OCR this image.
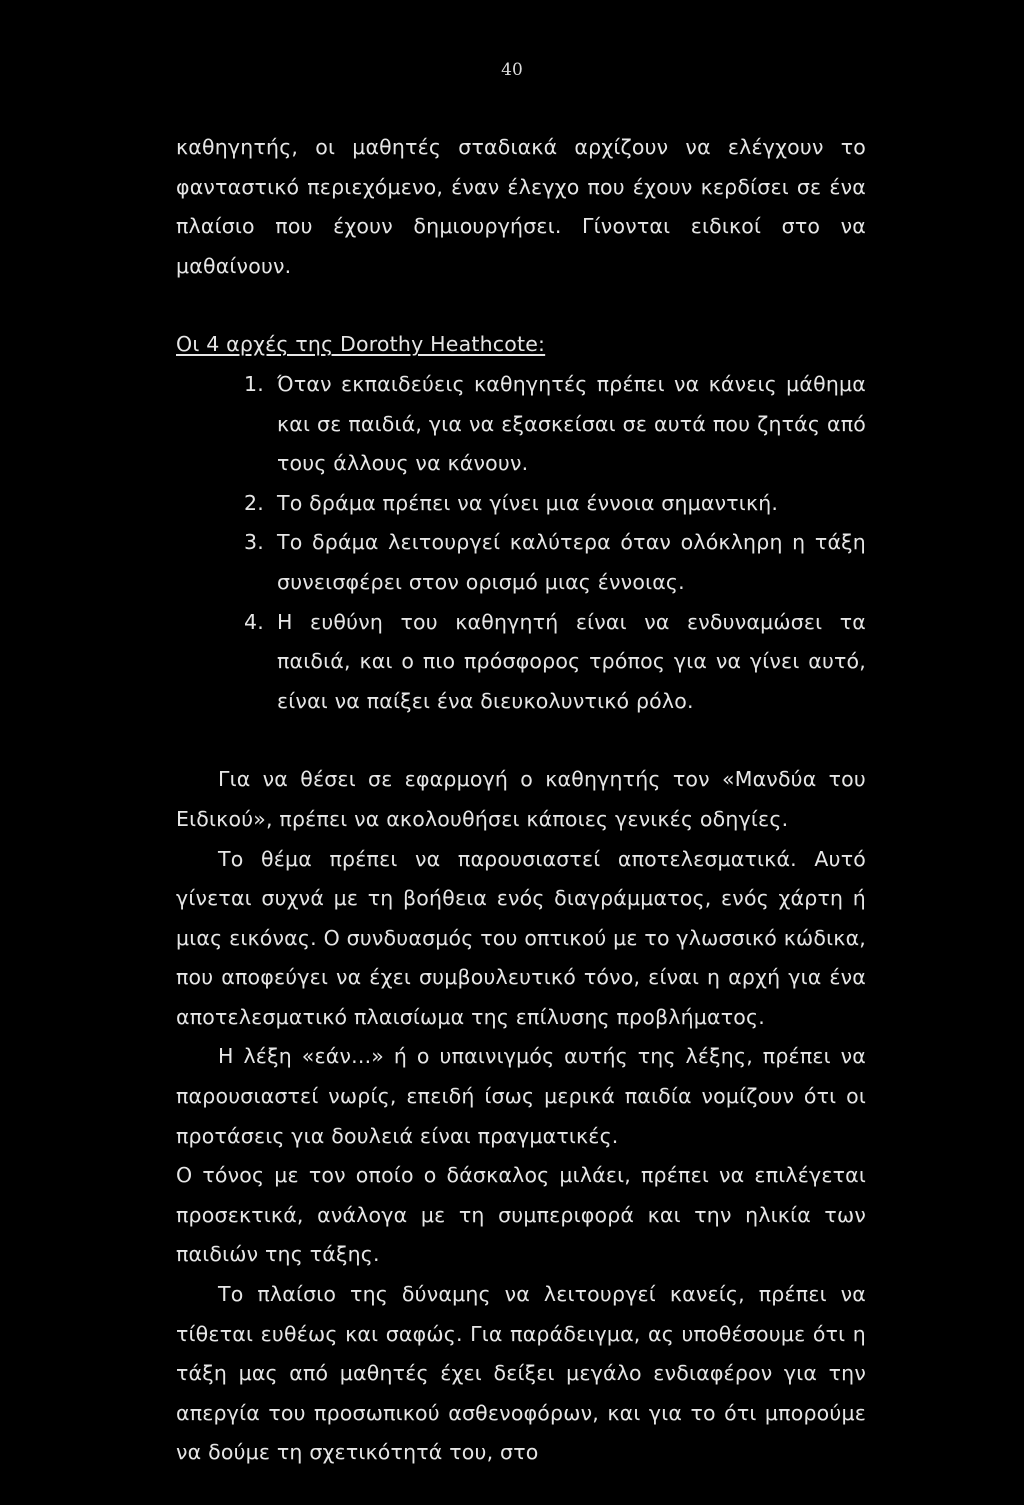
40

καθηγητής, οι μαθητές σταδιακά αρχίζουν να ελέγχουν το φανταστικό περιεχόμενο, έναν έλεγχο που έχουν κερδίσει σε ένα πλαίσιο που έχουν δημιουργήσει. Γίνονται ειδικοί στο να μαθαίνουν.

Οι 4 αρχές της Dorothy Heathcote:

1. Όταν εκπαιδεύεις καθηγητές πρέπει να κάνεις μάθημα και σε παιδιά, για να εξασκείσαι σε αυτά που ζητάς από τους άλλους να κάνουν.
2. Το δράμα πρέπει να γίνει μια έννοια σημαντική.
3. Το δράμα λειτουργεί καλύτερα όταν ολόκληρη η τάξη συνεισφέρει στον ορισμό μιας έννοιας.
4. Η ευθύνη του καθηγητή είναι να ενδυναμώσει τα παιδιά, και ο πιο πρόσφορος τρόπος για να γίνει αυτό, είναι να παίξει ένα διευκολυντικό ρόλο.

Για να θέσει σε εφαρμογή ο καθηγητής τον «Μανδύα του Ειδικού», πρέπει να ακολουθήσει κάποιες γενικές οδηγίες.

Το θέμα πρέπει να παρουσιαστεί αποτελεσματικά. Αυτό γίνεται συχνά με τη βοήθεια ενός διαγράμματος, ενός χάρτη ή μιας εικόνας. Ο συνδυασμός του οπτικού με το γλωσσικό κώδικα, που αποφεύγει να έχει συμβουλευτικό τόνο, είναι η αρχή για ένα αποτελεσματικό πλαισίωμα της επίλυσης προβλήματος.

Η λέξη «εάν...» ή ο υπαινιγμός αυτής της λέξης, πρέπει να παρουσιαστεί νωρίς, επειδή ίσως μερικά παιδία νομίζουν ότι οι προτάσεις για δουλειά είναι πραγματικές.

Ο τόνος με τον οποίο ο δάσκαλος μιλάει, πρέπει να επιλέγεται προσεκτικά, ανάλογα με τη συμπεριφορά και την ηλικία των παιδιών της τάξης.

Το πλαίσιο της δύναμης να λειτουργεί κανείς, πρέπει να τίθεται ευθέως και σαφώς. Για παράδειγμα, ας υποθέσουμε ότι η τάξη μας από μαθητές έχει δείξει μεγάλο ενδιαφέρον για την απεργία του προσωπικού ασθενοφόρων, και για το ότι μπορούμε να δούμε τη σχετικότητά του, στο
